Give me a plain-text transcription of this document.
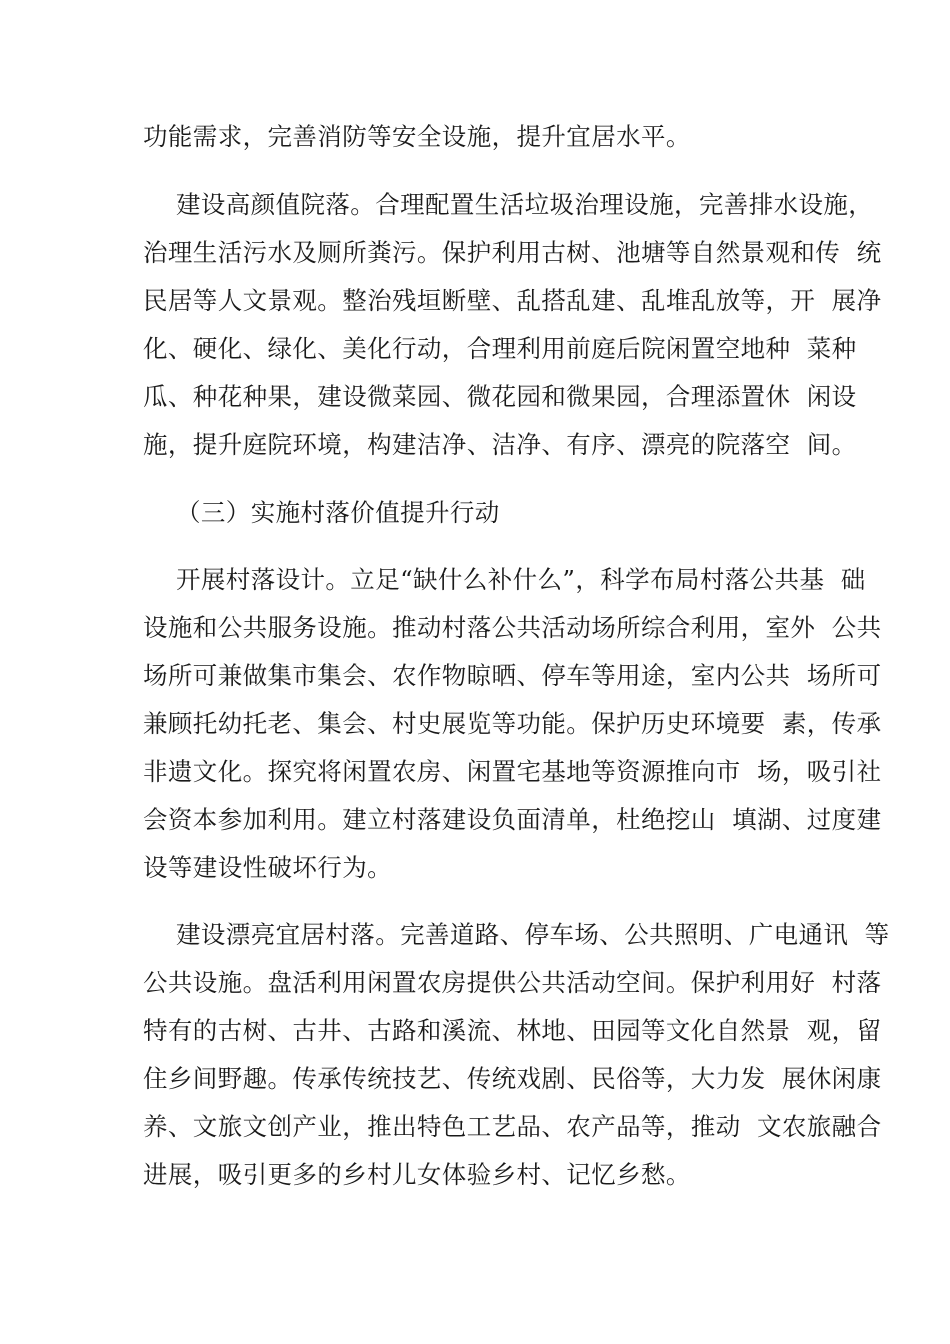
功能需求，完善消防等安全设施，提升宜居水平。
建设高颜值院落。合理配置生活垃圾治理设施，完善排水设施，
治理生活污水及厕所粪污。保护利用古树、池塘等自然景观和传  统
民居等人文景观。整治残垣断壁、乱搭乱建、乱堆乱放等，开  展净
化、硬化、绿化、美化行动，合理利用前庭后院闲置空地种  菜种
瓜、种花种果，建设微菜园、微花园和微果园，合理添置休  闲设
施，提升庭院环境，构建洁净、洁净、有序、漂亮的院落空  间。
（三）实施村落价值提升行动
开展村落设计。立足“缺什么补什么”，科学布局村落公共基  础
设施和公共服务设施。推动村落公共活动场所综合利用，室外  公共
场所可兼做集市集会、农作物晾晒、停车等用途，室内公共  场所可
兼顾托幼托老、集会、村史展览等功能。保护历史环境要  素，传承
非遗文化。探究将闲置农房、闲置宅基地等资源推向市  场，吸引社
会资本参加利用。建立村落建设负面清单，杜绝挖山  填湖、过度建
设等建设性破坏行为。
建设漂亮宜居村落。完善道路、停车场、公共照明、广电通讯  等
公共设施。盘活利用闲置农房提供公共活动空间。保护利用好  村落
特有的古树、古井、古路和溪流、林地、田园等文化自然景  观，留
住乡间野趣。传承传统技艺、传统戏剧、民俗等，大力发  展休闲康
养、文旅文创产业，推出特色工艺品、农产品等，推动  文农旅融合
进展，吸引更多的乡村儿女体验乡村、记忆乡愁。
